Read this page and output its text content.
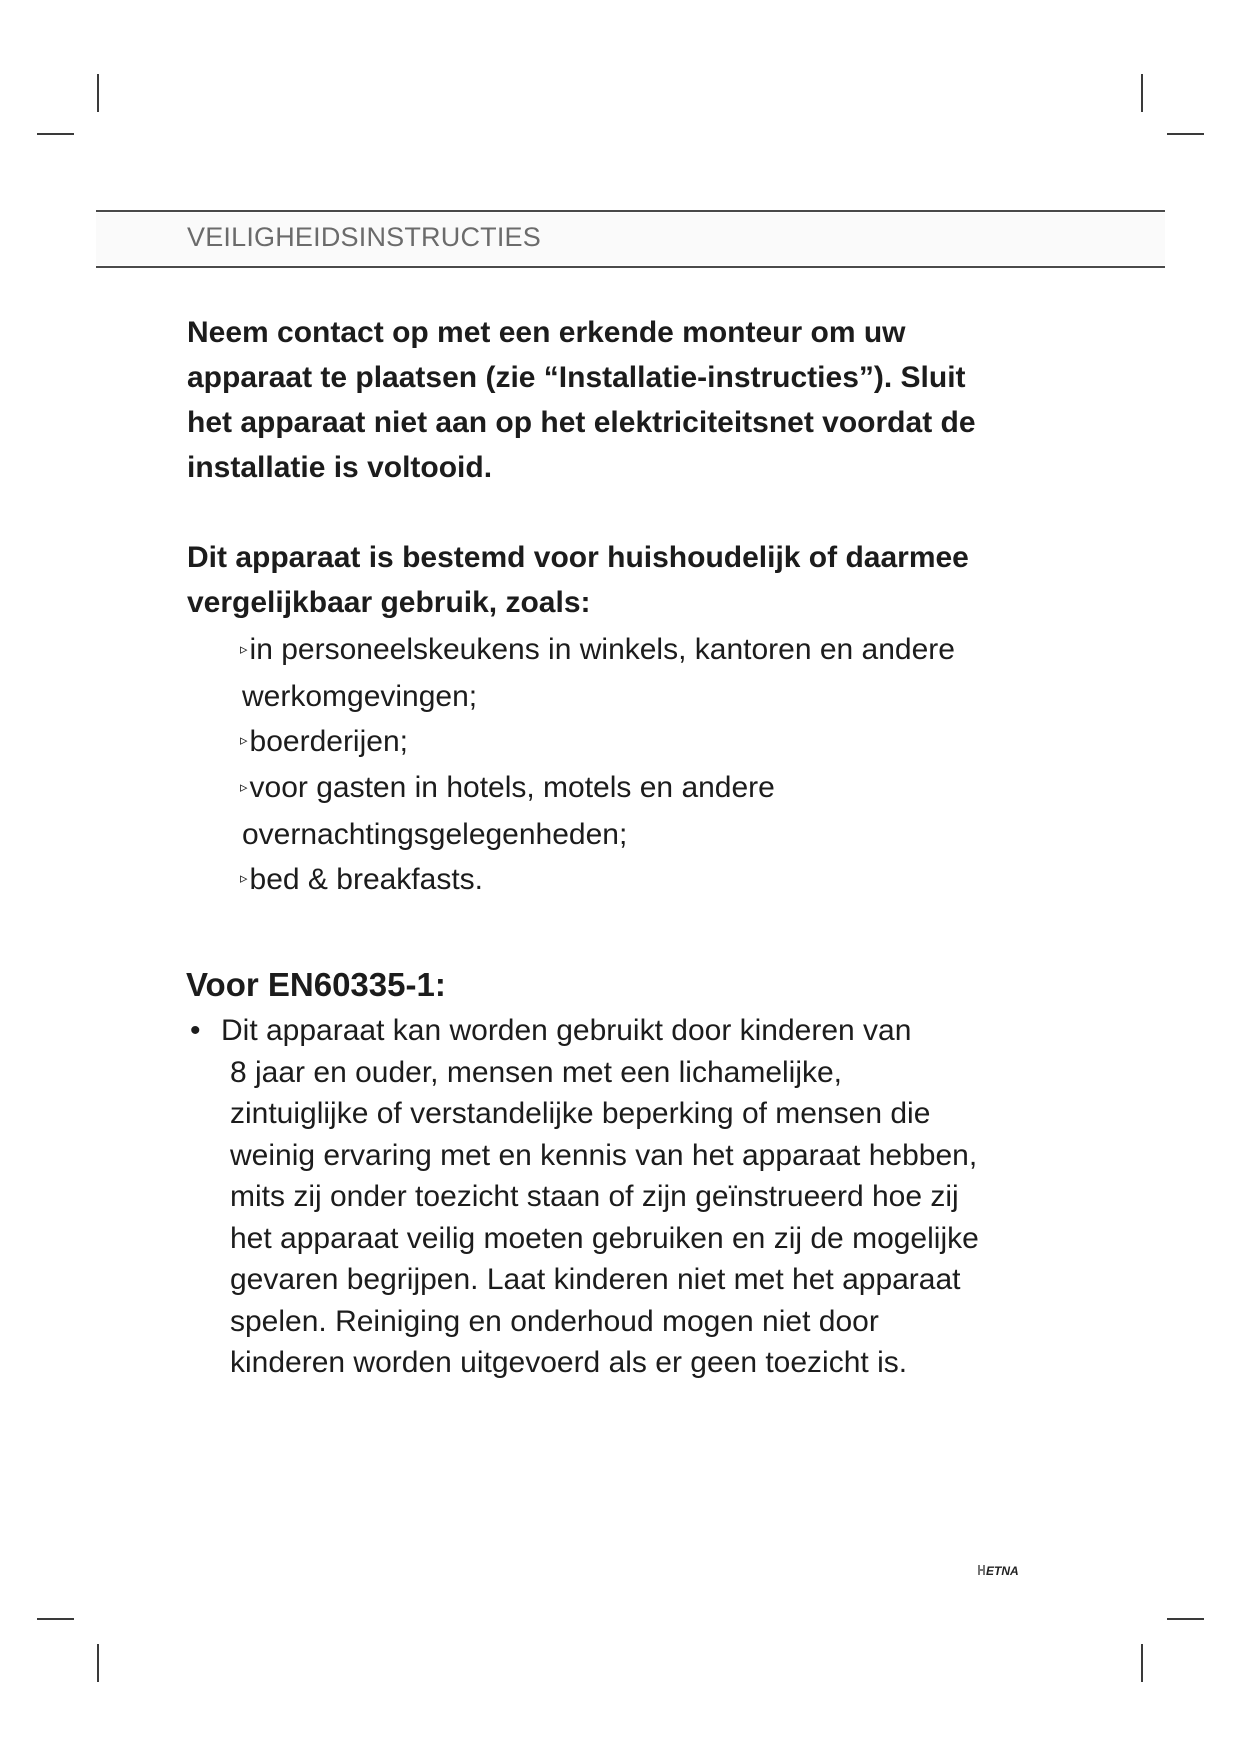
VEILIGHEIDSINSTRUCTIES

Neem contact op met een erkende monteur om uw
apparaat te plaatsen (zie “Installatie-instructies”). Sluit
het apparaat niet aan op het elektriciteitsnet voordat de
installatie is voltooid.

Dit apparaat is bestemd voor huishoudelijk of daarmee
vergelijkbaar gebruik, zoals:

▹in personeelskeukens in winkels, kantoren en andere
werkomgevingen;
▹boerderijen;
▹voor gasten in hotels, motels en andere
overnachtingsgelegenheden;
▹bed & breakfasts.
Voor EN60335-1:
• Dit apparaat kan worden gebruikt door kinderen van
8 jaar en ouder, mensen met een lichamelijke,
zintuiglijke of verstandelijke beperking of mensen die
weinig ervaring met en kennis van het apparaat hebben,
mits zij onder toezicht staan of zijn geïnstrueerd hoe zij
het apparaat veilig moeten gebruiken en zij de mogelijke
gevaren begrijpen. Laat kinderen niet met het apparaat
spelen. Reiniging en onderhoud mogen niet door
kinderen worden uitgevoerd als er geen toezicht is.
ETNA
